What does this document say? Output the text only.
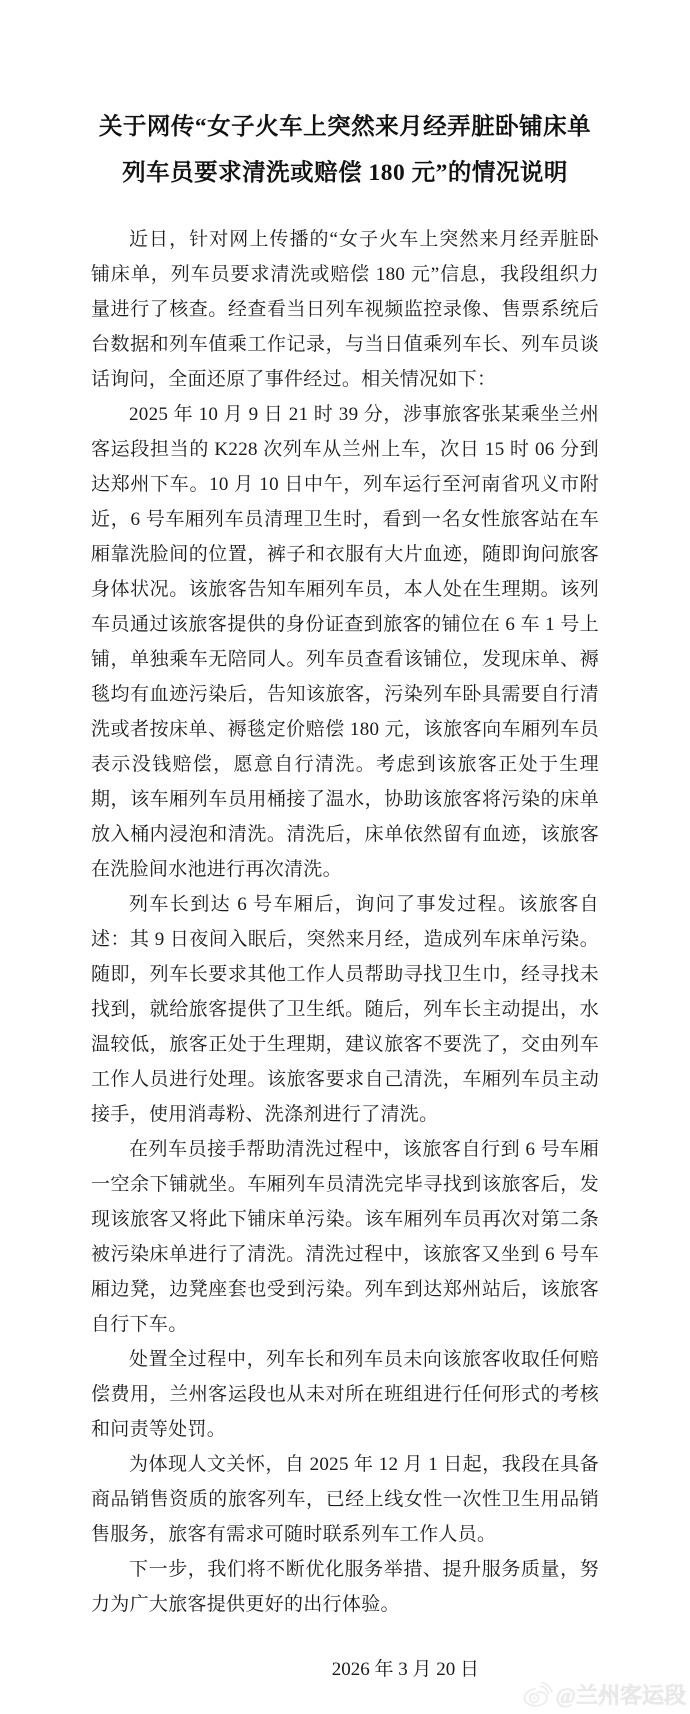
关于网传“女子火车上突然来月经弄脏卧铺床单
列车员要求清洗或赔偿 180 元”的情况说明

近日，针对网上传播的“女子火车上突然来月经弄脏卧铺床单，列车员要求清洗或赔偿 180 元”信息，我段组织力量进行了核查。经查看当日列车视频监控录像、售票系统后台数据和列车值乘工作记录，与当日值乘列车长、列车员谈话询问，全面还原了事件经过。相关情况如下：

2025 年 10 月 9 日 21 时 39 分，涉事旅客张某乘坐兰州客运段担当的 K228 次列车从兰州上车，次日 15 时 06 分到达郑州下车。10 月 10 日中午，列车运行至河南省巩义市附近，6 号车厢列车员清理卫生时，看到一名女性旅客站在车厢靠洗脸间的位置，裤子和衣服有大片血迹，随即询问旅客身体状况。该旅客告知车厢列车员，本人处在生理期。该列车员通过该旅客提供的身份证查到旅客的铺位在 6 车 1 号上铺，单独乘车无陪同人。列车员查看该铺位，发现床单、褥毯均有血迹污染后，告知该旅客，污染列车卧具需要自行清洗或者按床单、褥毯定价赔偿 180 元，该旅客向车厢列车员表示没钱赔偿，愿意自行清洗。考虑到该旅客正处于生理期，该车厢列车员用桶接了温水，协助该旅客将污染的床单放入桶内浸泡和清洗。清洗后，床单依然留有血迹，该旅客在洗脸间水池进行再次清洗。

列车长到达 6 号车厢后，询问了事发过程。该旅客自述：其 9 日夜间入眠后，突然来月经，造成列车床单污染。随即，列车长要求其他工作人员帮助寻找卫生巾，经寻找未找到，就给旅客提供了卫生纸。随后，列车长主动提出，水温较低，旅客正处于生理期，建议旅客不要洗了，交由列车工作人员进行处理。该旅客要求自己清洗，车厢列车员主动接手，使用消毒粉、洗涤剂进行了清洗。

在列车员接手帮助清洗过程中，该旅客自行到 6 号车厢一空余下铺就坐。车厢列车员清洗完毕寻找到该旅客后，发现该旅客又将此下铺床单污染。该车厢列车员再次对第二条被污染床单进行了清洗。清洗过程中，该旅客又坐到 6 号车厢边凳，边凳座套也受到污染。列车到达郑州站后，该旅客自行下车。

处置全过程中，列车长和列车员未向该旅客收取任何赔偿费用，兰州客运段也从未对所在班组进行任何形式的考核和问责等处罚。

为体现人文关怀，自 2025 年 12 月 1 日起，我段在具备商品销售资质的旅客列车，已经上线女性一次性卫生用品销售服务，旅客有需求可随时联系列车工作人员。

下一步，我们将不断优化服务举措、提升服务质量，努力为广大旅客提供更好的出行体验。

2026 年 3 月 20 日
@兰州客运段
